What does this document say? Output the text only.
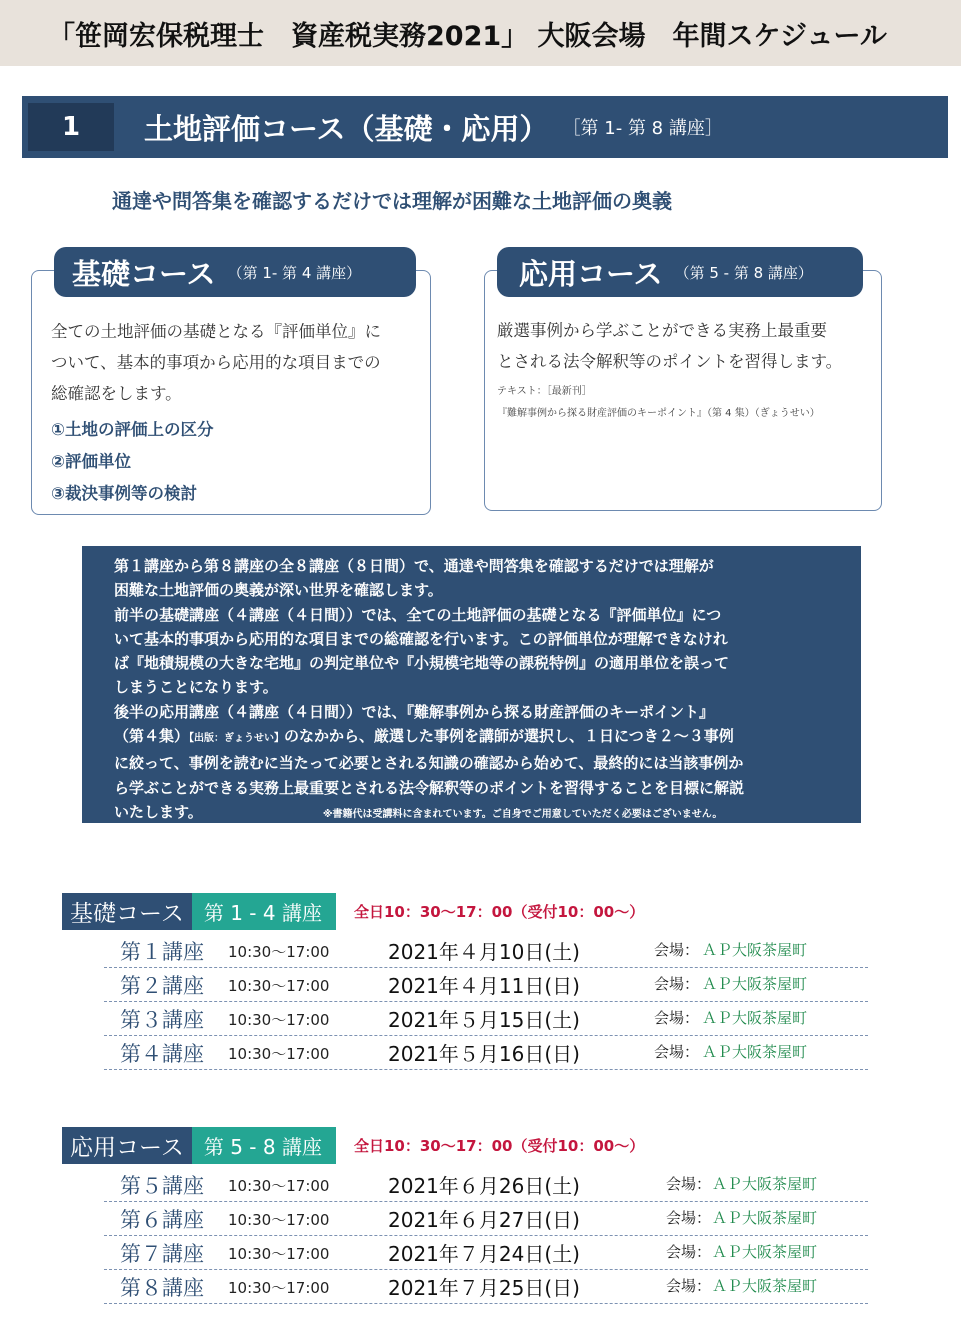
「笹岡宏保税理士　資産税実務2021」 大阪会場　年間スケジュール
1	土地評価コース（基礎・応用） ［第 1- 第 8 講座］
通達や問答集を確認するだけでは理解が困難な土地評価の奥義
基礎コース （第 1- 第 4 講座）
全ての土地評価の基礎となる『評価単位』に
ついて、基本的事項から応用的な項目までの
総確認をします。
①土地の評価上の区分
②評価単位
③裁決事例等の検討
応用コース （第 5 - 第 8 講座）
厳選事例から学ぶことができる実務上最重要
とされる法令解釈等のポイントを習得します。
テキスト：［最新刊］
『難解事例から探る財産評価のキーポイント』（第 4 集）（ぎょうせい）
第１講座から第８講座の全８講座（８日間）で、通達や問答集を確認するだけでは理解が
困難な土地評価の奥義が深い世界を確認します。
前半の基礎講座（４講座（４日間））では、全ての土地評価の基礎となる『評価単位』につ
いて基本的事項から応用的な項目までの総確認を行います。この評価単位が理解できなけれ
ば『地積規模の大きな宅地』の判定単位や『小規模宅地等の課税特例』の適用単位を誤って
しまうことになります。
後半の応用講座（４講座（４日間））では、『難解事例から探る財産評価のキーポイント』
（第４集）【出版：ぎょうせい】のなかから、厳選した事例を講師が選択し、１日につき２～３事例
に絞って、事例を読むに当たって必要とされる知識の確認から始めて、最終的には当該事例か
ら学ぶことができる実務上最重要とされる法令解釈等のポイントを習得することを目標に解説
いたします。	※書籍代は受講料に含まれています。ご自身でご用意していただく必要はございません。
基礎コース	第 1 - 4 講座	全日10：30～17：00（受付10：00～）
第１講座 10:30～17:00	2021年４月10日(土)	会場： ＡＰ大阪茶屋町
第２講座 10:30～17:00	2021年４月11日(日)	会場： ＡＰ大阪茶屋町
第３講座 10:30～17:00	2021年５月15日(土)	会場： ＡＰ大阪茶屋町
第４講座 10:30～17:00	2021年５月16日(日)	会場： ＡＰ大阪茶屋町
応用コース	第 5 - 8 講座	全日10：30～17：00（受付10：00～）
第５講座 10:30～17:00	2021年６月26日(土)	会場： ＡＰ大阪茶屋町
第６講座 10:30～17:00	2021年６月27日(日)	会場： ＡＰ大阪茶屋町
第７講座 10:30～17:00	2021年７月24日(土)	会場： ＡＰ大阪茶屋町
第８講座 10:30～17:00	2021年７月25日(日)	会場： ＡＰ大阪茶屋町
